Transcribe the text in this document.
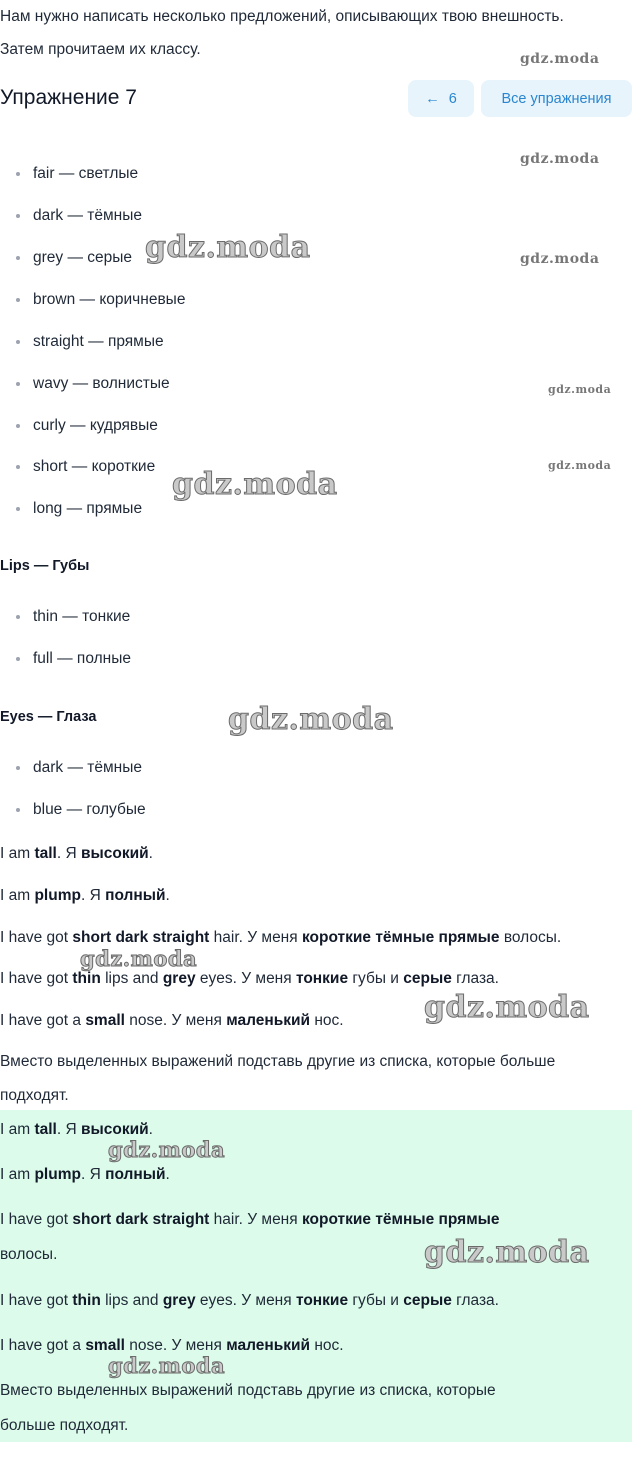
Нам нужно написать несколько предложений, описывающих твою внешность.
Затем прочитаем их классу.
Упражнение 7	← 6	Все упражнения
fair — светлые
dark — тёмные
grey — серые
brown — коричневые
straight — прямые
wavy — волнистые
curly — кудрявые
short — короткие
long — прямые
Lips — Губы
thin — тонкие
full — полные
Eyes — Глаза
dark — тёмные
blue — голубые
I am tall. Я высокий.
I am plump. Я полный.
I have got short dark straight hair. У меня короткие тёмные прямые волосы.
I have got thin lips and grey eyes. У меня тонкие губы и серые глаза.
I have got a small nose. У меня маленький нос.
Вместо выделенных выражений подставь другие из списка, которые больше
подходят.
I am tall. Я высокий.
I am plump. Я полный.
I have got short dark straight hair. У меня короткие тёмные прямые
волосы.
I have got thin lips and grey eyes. У меня тонкие губы и серые глаза.
I have got a small nose. У меня маленький нос.
Вместо выделенных выражений подставь другие из списка, которые
больше подходят.
gdz.moda
gdz.moda
gdz.moda
gdz.moda
gdz.moda
gdz.moda
gdz.moda
gdz.moda
gdz.moda
gdz.moda
gdz.moda
gdz.moda
gdz.moda
